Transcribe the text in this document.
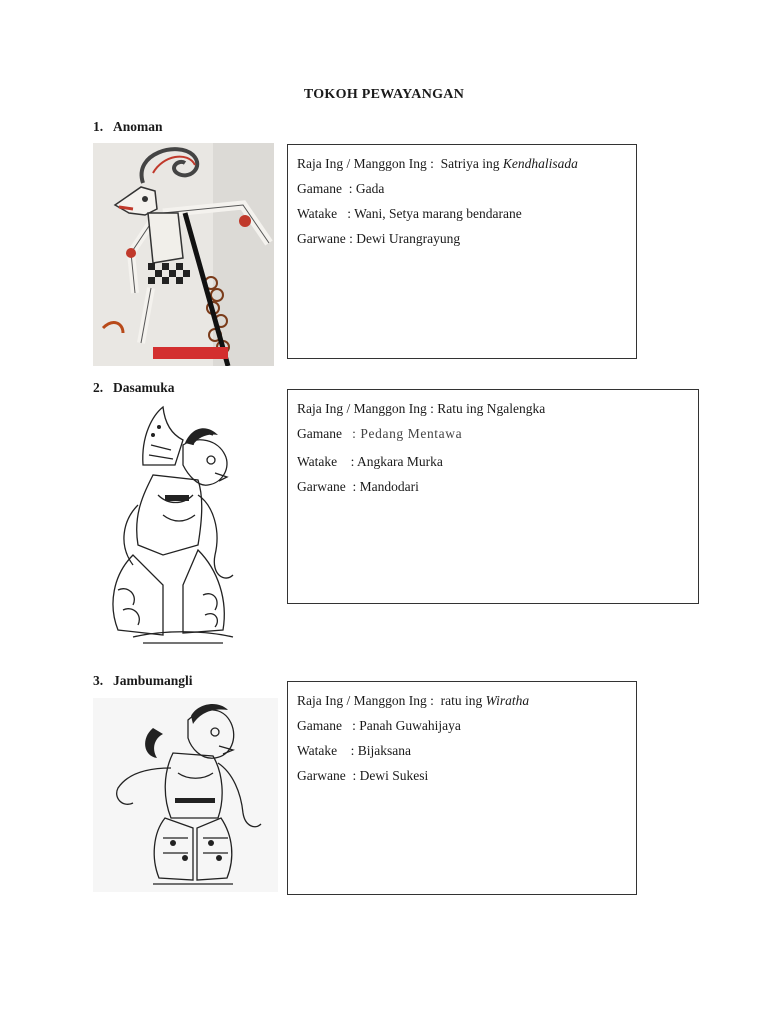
TOKOH PEWAYANGAN
1. Anoman
Raja Ing / Manggon Ing : Satriya ing Kendhalisada
Gamane : Gada
Watake : Wani, Setya marang bendarane
Garwane : Dewi Urangrayung
2. Dasamuka
Raja Ing / Manggon Ing : Ratu ing Ngalengka
Gamane : Pedang Mentawa
Watake : Angkara Murka
Garwane : Mandodari
3. Jambumangli
Raja Ing / Manggon Ing : ratu ing Wiratha
Gamane : Panah Guwahijaya
Watake : Bijaksana
Garwane : Dewi Sukesi
